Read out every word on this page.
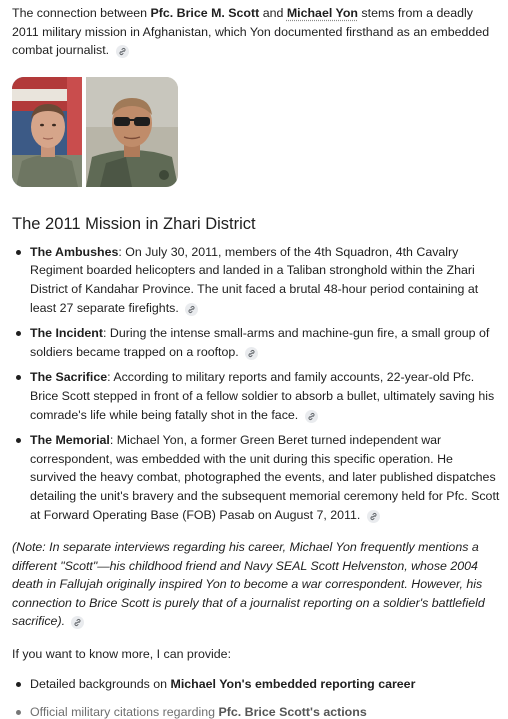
The connection between Pfc. Brice M. Scott and Michael Yon stems from a deadly 2011 military mission in Afghanistan, which Yon documented firsthand as an embedded combat journalist.

The 2011 Mission in Zhari District
The Ambushes: On July 30, 2011, members of the 4th Squadron, 4th Cavalry Regiment boarded helicopters and landed in a Taliban stronghold within the Zhari District of Kandahar Province. The unit faced a brutal 48-hour period containing at least 27 separate firefights.
The Incident: During the intense small-arms and machine-gun fire, a small group of soldiers became trapped on a rooftop.
The Sacrifice: According to military reports and family accounts, 22-year-old Pfc. Brice Scott stepped in front of a fellow soldier to absorb a bullet, ultimately saving his comrade's life while being fatally shot in the face.
The Memorial: Michael Yon, a former Green Beret turned independent war correspondent, was embedded with the unit during this specific operation. He survived the heavy combat, photographed the events, and later published dispatches detailing the unit's bravery and the subsequent memorial ceremony held for Pfc. Scott at Forward Operating Base (FOB) Pasab on August 7, 2011.

(Note: In separate interviews regarding his career, Michael Yon frequently mentions a different "Scott"—his childhood friend and Navy SEAL Scott Helvenston, whose 2004 death in Fallujah originally inspired Yon to become a war correspondent. However, his connection to Brice Scott is purely that of a journalist reporting on a soldier's battlefield sacrifice).

If you want to know more, I can provide:

Detailed backgrounds on Michael Yon's embedded reporting career
Official military citations regarding Pfc. Brice Scott's actions
